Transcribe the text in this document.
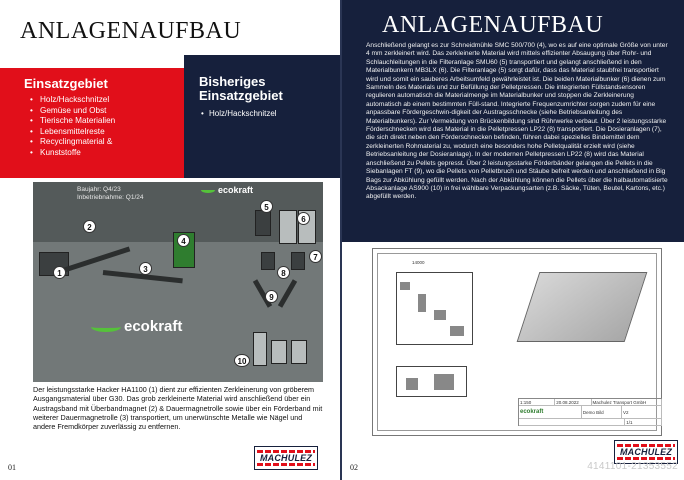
ANLAGENAUFBAU
Einsatzgebiet
• Holz/Hackschnitzel
• Gemüse und Obst
• Tierische Materialien
• Lebensmittelreste
• Recyclingmaterial &
• Kunststoffe
Bisheriges Einsatzgebiet
• Holz/Hackschnitzel
Baujahr: Q4/23
Inbetriebnahme: Q1/24
ecokraft
1
2
3
4
5
6
7
8
9
10
ecokraft
Der leistungsstarke Hacker HA1100 (1) dient zur effizienten Zerkleinerung von gröberem Ausgangsmaterial über G30. Das grob zerkleinerte Material wird anschließend über ein Austragsband mit Überbandmagnet (2) & Dauermagnetrolle sowie über ein Förderband mit weiterer Dauermagnetrolle (3) transportiert, um unerwünschte Metalle wie Nägel und andere Fremdkörper zuverlässig zu entfernen.
01
MACHULEZ
ANLAGENAUFBAU
Anschließend gelangt es zur Schneidmühle SMC 500/700 (4), wo es auf eine optimale Größe von unter 4 mm zerkleinert wird. Das zerkleinerte Material wird mittels effizienter Absaugung über Rohr- und Schlauchleitungen in die Filteranlage SMU60 (5) transportiert und gelangt anschließend in den Materialbunkern MB3LX (6). Die Filteranlage (5) sorgt dafür, dass das Material staubfrei transportiert wird und somit ein sauberes Arbeitsumfeld gewährleistet ist. Die beiden Materialbunker (6) dienen zum Sammeln des Materials und zur Befüllung der Pelletpressen. Die integrierten Füllstandsensoren regulieren automatisch die Materialmenge im Materialbunker und stoppen die Zerkleinerung automatisch ab einem bestimmten Füll-stand. Integrierte Frequenzumrichter sorgen zudem für eine anpassbare Fördergeschwin-digkeit der Austragsschnecke (siehe Betriebsanleitung des Materialbunkers). Zur Vermeidung von Brückenbildung sind Rührwerke verbaut. Über 2 leistungsstarke Förderschnecken wird das Material in die Pelletpressen LP22 (8) transportiert. Die Dosieranlagen (7), die sich direkt neben den Förderschnecken befinden, führen dabei spezielles Bindemittel dem zerkleinerten Rohmaterial zu, wodurch eine besonders hohe Pelletqualität erzielt wird (siehe Betriebsanleitung der Dosieranlage). In der modernen Pelletpressen LP22 (8) wird das Material anschließend zu Pellets gepresst. Über 2 leistungsstarke Förderbänder gelangen die Pellets in die Siebanlagen FT (9), wo die Pellets von Pelletbruch und Stäube befreit werden und anschließend in Big Bags zur Abkühlung gefüllt werden. Nach der Abkühlung können die Pellets über die halbautomatisierte Absackanlage AS900 (10) in frei wählbare Verpackungsarten (z.B. Säcke, Tüten, Beutel, Kartons, etc.) abgefüllt werden.
14000
1:150	20.08.2022	Machulez Transport GmbH
ecokraft	Demo Bild	V2
1/1
02
MACHULEZ
4141101-21353552
